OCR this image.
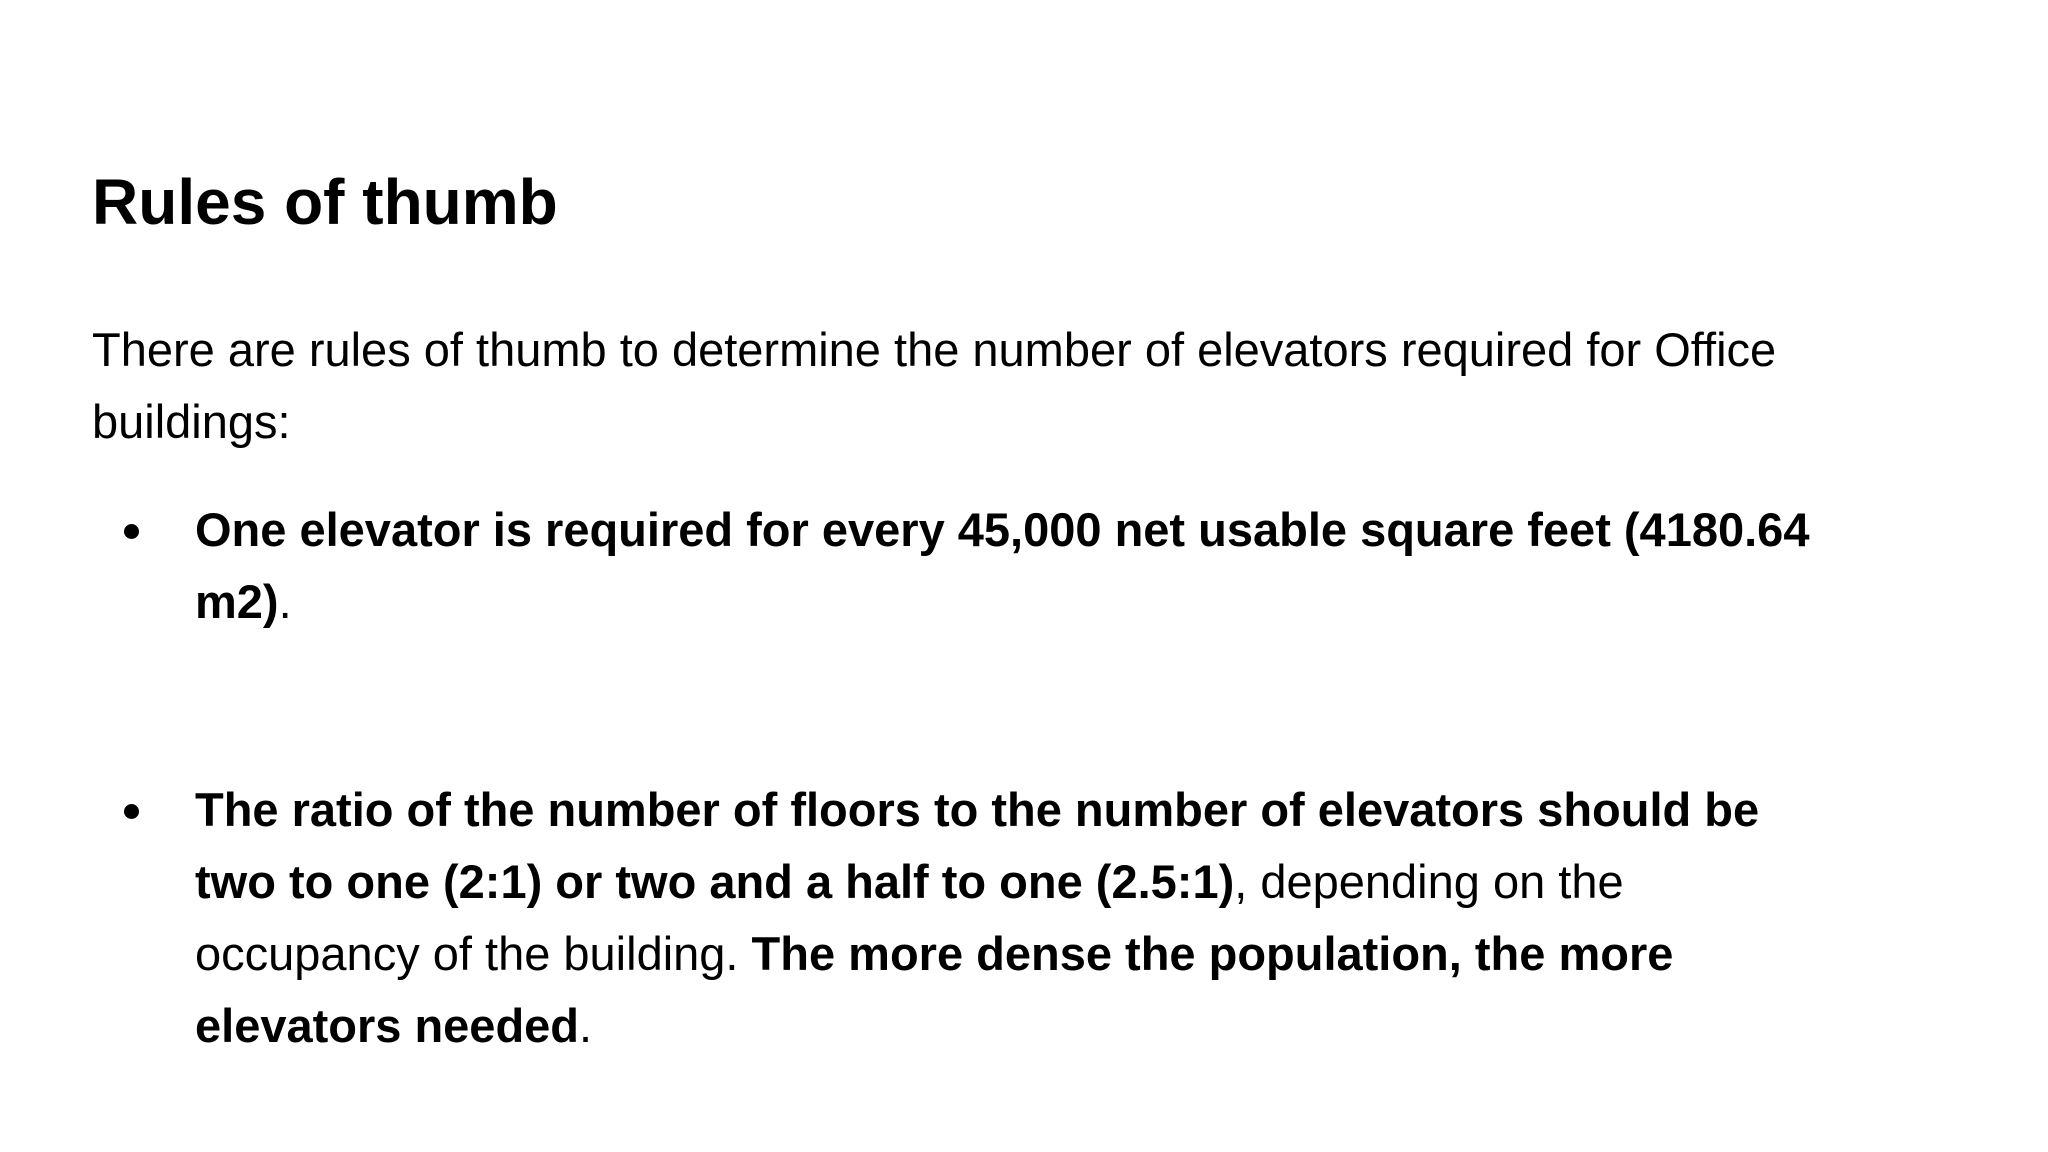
Rules of thumb

There are rules of thumb to determine the number of elevators required for Office
buildings:

One elevator is required for every 45,000 net usable square feet (4180.64
m2).

The ratio of the number of floors to the number of elevators should be
two to one (2:1) or two and a half to one (2.5:1), depending on the
occupancy of the building. The more dense the population, the more
elevators needed.
